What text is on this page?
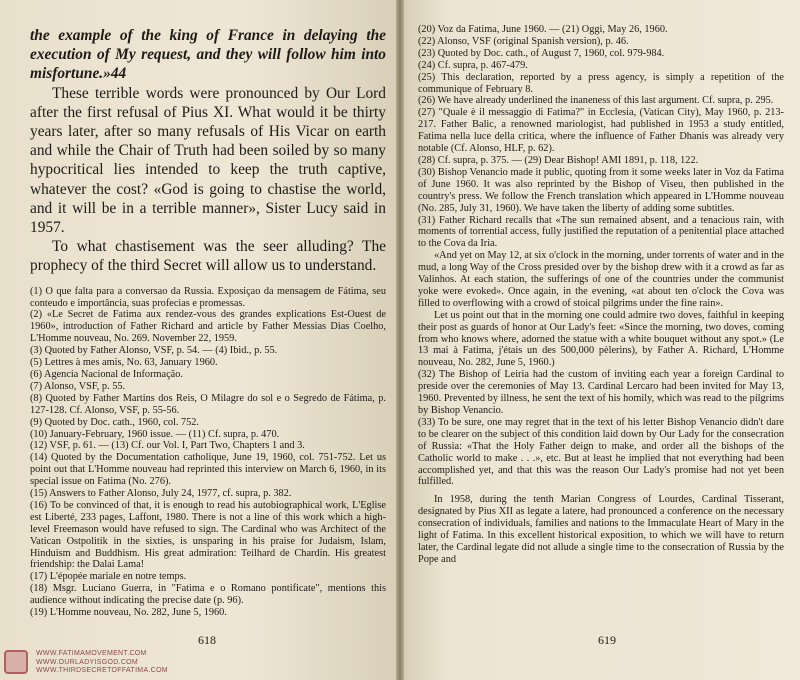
the example of the king of France in delaying the execution of My request, and they will follow him into misfortune.»44

These terrible words were pronounced by Our Lord after the first refusal of Pius XI. What would it be thirty years later, after so many refusals of His Vicar on earth and while the Chair of Truth had been soiled by so many hypocritical lies intended to keep the truth captive, whatever the cost? «God is going to chastise the world, and it will be in a terrible manner», Sister Lucy said in 1957.

To what chastisement was the seer alluding? The prophecy of the third Secret will allow us to understand.

(1) O que falta para a conversao da Russia. Exposiçao da mensagem de Fátima, seu conteudo e importância, suas profecias e promessas.

(2) «Le Secret de Fatima aux rendez-vous des grandes explications Est-Ouest de 1960», introduction of Father Richard and article by Father Messias Dias Coelho, L'Homme nouveau, No. 269. November 22, 1959.

(3) Quoted by Father Alonso, VSF, p. 54. — (4) Ibid., p. 55.

(5) Lettres à mes amis, No. 63, January 1960.

(6) Agencia Nacional de Informação.

(7) Alonso, VSF, p. 55.

(8) Quoted by Father Martins dos Reis, O Milagre do sol e o Segredo de Fátima, p. 127-128. Cf. Alonso, VSF, p. 55-56.

(9) Quoted by Doc. cath., 1960, col. 752.

(10) January-February, 1960 issue. — (11) Cf. supra, p. 470.

(12) VSF, p. 61. — (13) Cf. our Vol. I, Part Two, Chapters 1 and 3.

(14) Quoted by the Documentation catholique, June 19, 1960, col. 751-752. Let us point out that L'Homme nouveau had reprinted this interview on March 6, 1960, in its special issue on Fatima (No. 276).

(15) Answers to Father Alonso, July 24, 1977, cf. supra, p. 382.

(16) To be convinced of that, it is enough to read his autobiographical work, L'Eglise est Liberté, 233 pages, Laffont, 1980. There is not a line of this work which a high-level Freemason would have refused to sign. The Cardinal who was Architect of the Vatican Ostpolitik in the sixties, is unsparing in his praise for Judaism, Islam, Hinduism and Buddhism. His great admiration: Teilhard de Chardin. His greatest friendship: the Dalai Lama!

(17) L'épopée mariale en notre temps.

(18) Msgr. Luciano Guerra, in "Fatima e o Romano pontificate", mentions this audience without indicating the precise date (p. 96).

(19) L'Homme nouveau, No. 282, June 5, 1960.

618
WWW.FATIMAMOVEMENT.COM
WWW.OURLADYISGOD.COM
WWW.THIRDSECRETOFFATIMA.COM

(20) Voz da Fatima, June 1960. — (21) Oggi, May 26, 1960.

(22) Alonso, VSF (original Spanish version), p. 46.

(23) Quoted by Doc. cath., of August 7, 1960, col. 979-984.

(24) Cf. supra, p. 467-479.

(25) This declaration, reported by a press agency, is simply a repetition of the communique of February 8.

(26) We have already underlined the inaneness of this last argument. Cf. supra, p. 295.

(27) "Quale è il messaggio di Fatima?" in Ecclesia, (Vatican City), May 1960, p. 213-217. Father Balic, a renowned mariologist, had published in 1953 a study entitled, Fatima nella luce della critica, where the influence of Father Dhanis was already very notable (Cf. Alonso, HLF, p. 62).

(28) Cf. supra, p. 375. — (29) Dear Bishop! AMI 1891, p. 118, 122.

(30) Bishop Venancio made it public, quoting from it some weeks later in Voz da Fatima of June 1960. It was also reprinted by the Bishop of Viseu, then published in the country's press. We follow the French translation which appeared in L'Homme nouveau (No. 285, July 31, 1960). We have taken the liberty of adding some subtitles.

(31) Father Richard recalls that «The sun remained absent, and a tenacious rain, with moments of torrential access, fully justified the reputation of a penitential place attached to the Cova da Iria.

«And yet on May 12, at six o'clock in the morning, under torrents of water and in the mud, a long Way of the Cross presided over by the bishop drew with it a crowd as far as Valinhos. At each station, the sufferings of one of the countries under the communist yoke were evoked». Once again, in the evening, «at about ten o'clock the Cova was filled to overflowing with a crowd of stoical pilgrims under the fine rain».

Let us point out that in the morning one could admire two doves, faithful in keeping their post as guards of honor at Our Lady's feet: «Since the morning, two doves, coming from who knows where, adorned the statue with a white bouquet without any spot.» (Le 13 mai à Fatima, j'étais un des 500,000 pèlerins), by Father A. Richard, L'Homme nouveau, No. 282, June 5, 1960.)

(32) The Bishop of Leiria had the custom of inviting each year a foreign Cardinal to preside over the ceremonies of May 13. Cardinal Lercaro had been invited for May 13, 1960. Prevented by illness, he sent the text of his homily, which was read to the pilgrims by Bishop Venancio.

(33) To be sure, one may regret that in the text of his letter Bishop Venancio didn't dare to be clearer on the subject of this condition laid down by Our Lady for the consecration of Russia: «That the Holy Father deign to make, and order all the bishops of the Catholic world to make . . .», etc. But at least he implied that not everything had been accomplished yet, and that this was the reason Our Lady's promise had not yet been fulfilled.

In 1958, during the tenth Marian Congress of Lourdes, Cardinal Tisserant, designated by Pius XII as legate a latere, had pronounced a conference on the necessary consecration of individuals, families and nations to the Immaculate Heart of Mary in the light of Fatima. In this excellent historical exposition, to which we will have to return later, the Cardinal legate did not allude a single time to the consecration of Russia by the Pope and

619
